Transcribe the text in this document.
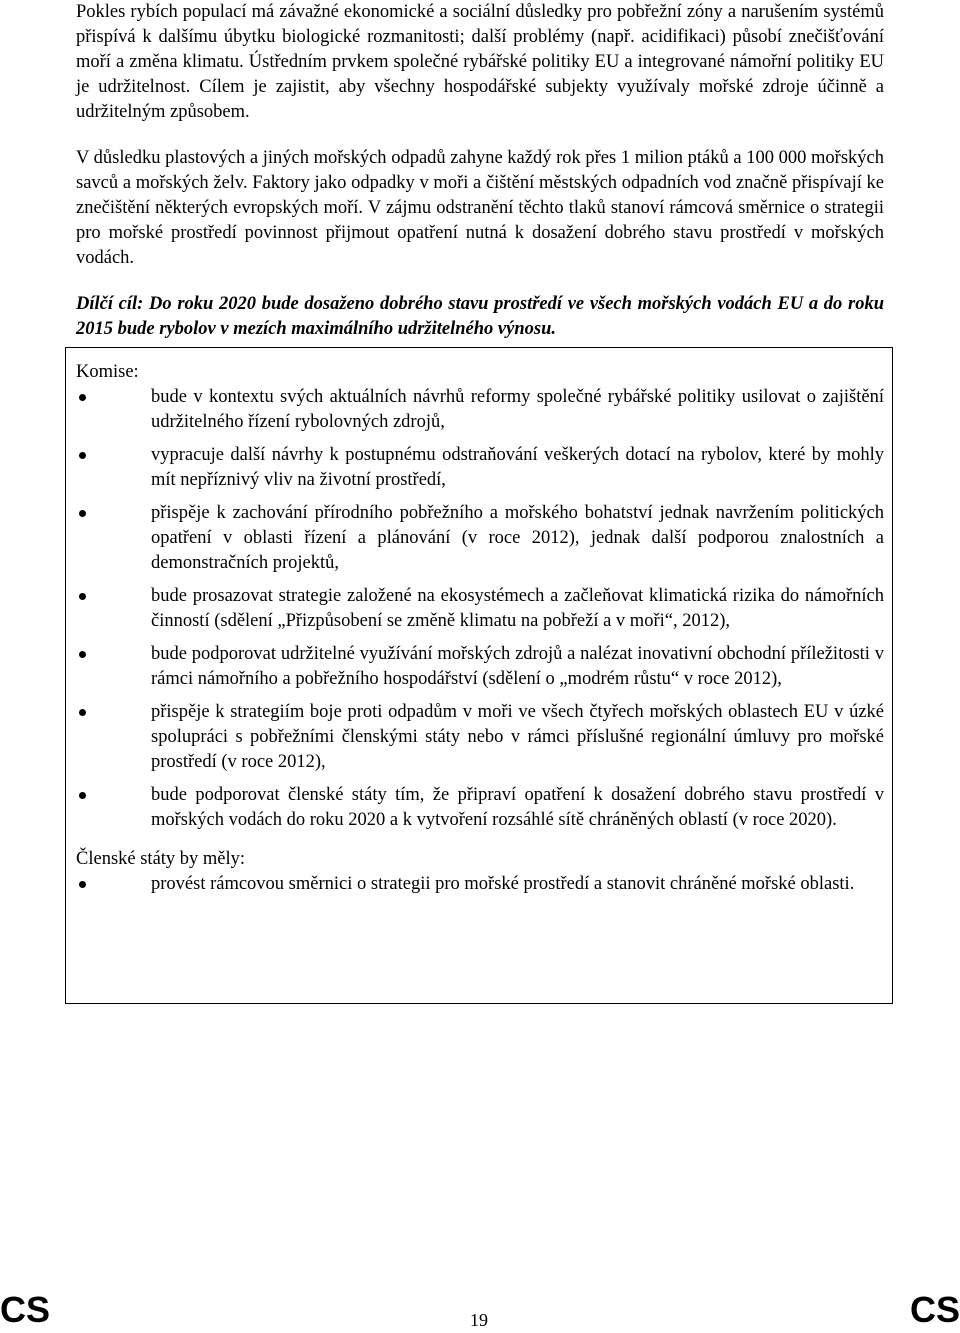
Pokles rybích populací má závažné ekonomické a sociální důsledky pro pobřežní zóny a narušením systémů přispívá k dalšímu úbytku biologické rozmanitosti; další problémy (např. acidifikaci) působí znečišťování moří a změna klimatu. Ústředním prvkem společné rybářské politiky EU a integrované námořní politiky EU je udržitelnost. Cílem je zajistit, aby všechny hospodářské subjekty využívaly mořské zdroje účinně a udržitelným způsobem.

V důsledku plastových a jiných mořských odpadů zahyne každý rok přes 1 milion ptáků a 100 000 mořských savců a mořských želv. Faktory jako odpadky v moři a čištění městských odpadních vod značně přispívají ke znečištění některých evropských moří. V zájmu odstranění těchto tlaků stanoví rámcová směrnice o strategii pro mořské prostředí povinnost přijmout opatření nutná k dosažení dobrého stavu prostředí v mořských vodách.

Dílčí cíl: Do roku 2020 bude dosaženo dobrého stavu prostředí ve všech mořských vodách EU a do roku 2015 bude rybolov v mezích maximálního udržitelného výnosu.

Komise:

bude v kontextu svých aktuálních návrhů reformy společné rybářské politiky usilovat o zajištění udržitelného řízení rybolovných zdrojů,
vypracuje další návrhy k postupnému odstraňování veškerých dotací na rybolov, které by mohly mít nepříznivý vliv na životní prostředí,
přispěje k zachování přírodního pobřežního a mořského bohatství jednak navržením politických opatření v oblasti řízení a plánování (v roce 2012), jednak další podporou znalostních a demonstračních projektů,
bude prosazovat strategie založené na ekosystémech a začleňovat klimatická rizika do námořních činností (sdělení „Přizpůsobení se změně klimatu na pobřeží a v moři“, 2012),
bude podporovat udržitelné využívání mořských zdrojů a nalézat inovativní obchodní příležitosti v rámci námořního a pobřežního hospodářství (sdělení o „modrém růstu“ v roce 2012),
přispěje k strategiím boje proti odpadům v moři ve všech čtyřech mořských oblastech EU v úzké spolupráci s pobřežními členskými státy nebo v rámci příslušné regionální úmluvy pro mořské prostředí (v roce 2012),
bude podporovat členské státy tím, že připraví opatření k dosažení dobrého stavu prostředí v mořských vodách do roku 2020 a k vytvoření rozsáhlé sítě chráněných oblastí (v roce 2020).

Členské státy by měly:

provést rámcovou směrnici o strategii pro mořské prostředí a stanovit chráněné mořské oblasti.
CS	19	CS
